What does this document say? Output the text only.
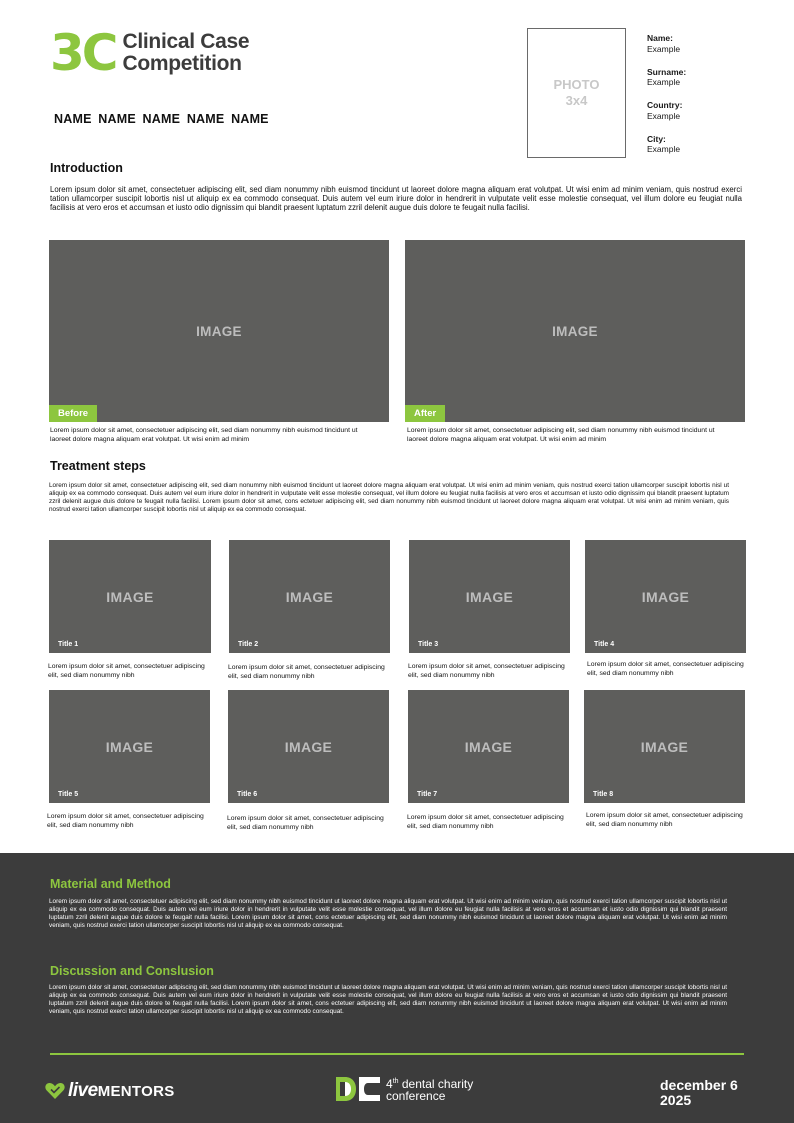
3C Clinical Case
Competition
NAME NAME NAME NAME NAME
PHOTO
3x4
Name:
Example
Surname:
Example
Country:
Example
City:
Example
Introduction
Lorem ipsum dolor sit amet, consectetuer adipiscing elit, sed diam nonummy nibh euismod tincidunt ut laoreet dolore magna aliquam erat volutpat. Ut wisi enim ad minim veniam, quis nostrud exerci tation ullamcorper suscipit lobortis nisl ut aliquip ex ea commodo consequat. Duis autem vel eum iriure dolor in hendrerit in vulputate velit esse molestie consequat, vel illum dolore eu feugiat nulla facilisis at vero eros et accumsan et iusto odio dignissim qui blandit praesent luptatum zzril delenit augue duis dolore te feugait nulla facilisi.
IMAGE
Before
IMAGE
After
Lorem ipsum dolor sit amet, consectetuer adipiscing elit, sed diam nonummy nibh euismod tincidunt ut laoreet dolore magna aliquam erat volutpat. Ut wisi enim ad minim
Lorem ipsum dolor sit amet, consectetuer adipiscing elit, sed diam nonummy nibh euismod tincidunt ut laoreet dolore magna aliquam erat volutpat. Ut wisi enim ad minim
Treatment steps
Lorem ipsum dolor sit amet, consectetuer adipiscing elit, sed diam nonummy nibh euismod tincidunt ut laoreet dolore magna aliquam erat volutpat. Ut wisi enim ad minim veniam, quis nostrud exerci tation ullamcorper suscipit lobortis nisl ut aliquip ex ea commodo consequat. Duis autem vel eum iriure dolor in hendrerit in vulputate velit esse molestie consequat, vel illum dolore eu feugiat nulla facilisis at vero eros et accumsan et iusto odio dignissim qui blandit praesent luptatum zzril delenit augue duis dolore te feugait nulla facilisi. Lorem ipsum dolor sit amet, cons ectetuer adipiscing elit, sed diam nonummy nibh euismod tincidunt ut laoreet dolore magna aliquam erat volutpat. Ut wisi enim ad minim veniam, quis nostrud exerci tation ullamcorper suscipit lobortis nisl ut aliquip ex ea commodo consequat.
IMAGE
Title 1
IMAGE
Title 2
IMAGE
Title 3
IMAGE
Title 4
Lorem ipsum dolor sit amet, consectetuer adipiscing elit, sed diam nonummy nibh
Lorem ipsum dolor sit amet, consectetuer adipiscing elit, sed diam nonummy nibh
Lorem ipsum dolor sit amet, consectetuer adipiscing elit, sed diam nonummy nibh
Lorem ipsum dolor sit amet, consectetuer adipiscing elit, sed diam nonummy nibh
IMAGE
Title 5
IMAGE
Title 6
IMAGE
Title 7
IMAGE
Title 8
Lorem ipsum dolor sit amet, consectetuer adipiscing elit, sed diam nonummy nibh
Lorem ipsum dolor sit amet, consectetuer adipiscing elit, sed diam nonummy nibh
Lorem ipsum dolor sit amet, consectetuer adipiscing elit, sed diam nonummy nibh
Lorem ipsum dolor sit amet, consectetuer adipiscing elit, sed diam nonummy nibh
Material and Method
Lorem ipsum dolor sit amet, consectetuer adipiscing elit, sed diam nonummy nibh euismod tincidunt ut laoreet dolore magna aliquam erat volutpat. Ut wisi enim ad minim veniam, quis nostrud exerci tation ullamcorper suscipit lobortis nisl ut aliquip ex ea commodo consequat. Duis autem vel eum iriure dolor in hendrerit in vulputate velit esse molestie consequat, vel illum dolore eu feugiat nulla facilisis at vero eros et accumsan et iusto odio dignissim qui blandit praesent luptatum zzril delenit augue duis dolore te feugait nulla facilisi. Lorem ipsum dolor sit amet, cons ectetuer adipiscing elit, sed diam nonummy nibh euismod tincidunt ut laoreet dolore magna aliquam erat volutpat. Ut wisi enim ad minim veniam, quis nostrud exerci tation ullamcorper suscipit lobortis nisl ut aliquip ex ea commodo consequat.
Discussion and Conslusion
Lorem ipsum dolor sit amet, consectetuer adipiscing elit, sed diam nonummy nibh euismod tincidunt ut laoreet dolore magna aliquam erat volutpat. Ut wisi enim ad minim veniam, quis nostrud exerci tation ullamcorper suscipit lobortis nisl ut aliquip ex ea commodo consequat. Duis autem vel eum iriure dolor in hendrerit in vulputate velit esse molestie consequat, vel illum dolore eu feugiat nulla facilisis at vero eros et accumsan et iusto odio dignissim qui blandit praesent luptatum zzril delenit augue duis dolore te feugait nulla facilisi. Lorem ipsum dolor sit amet, cons ectetuer adipiscing elit, sed diam nonummy nibh euismod tincidunt ut laoreet dolore magna aliquam erat volutpat. Ut wisi enim ad minim veniam, quis nostrud exerci tation ullamcorper suscipit lobortis nisl ut aliquip ex ea commodo consequat.
live MENTORS	4th dental charity
conference
december 6
2025
